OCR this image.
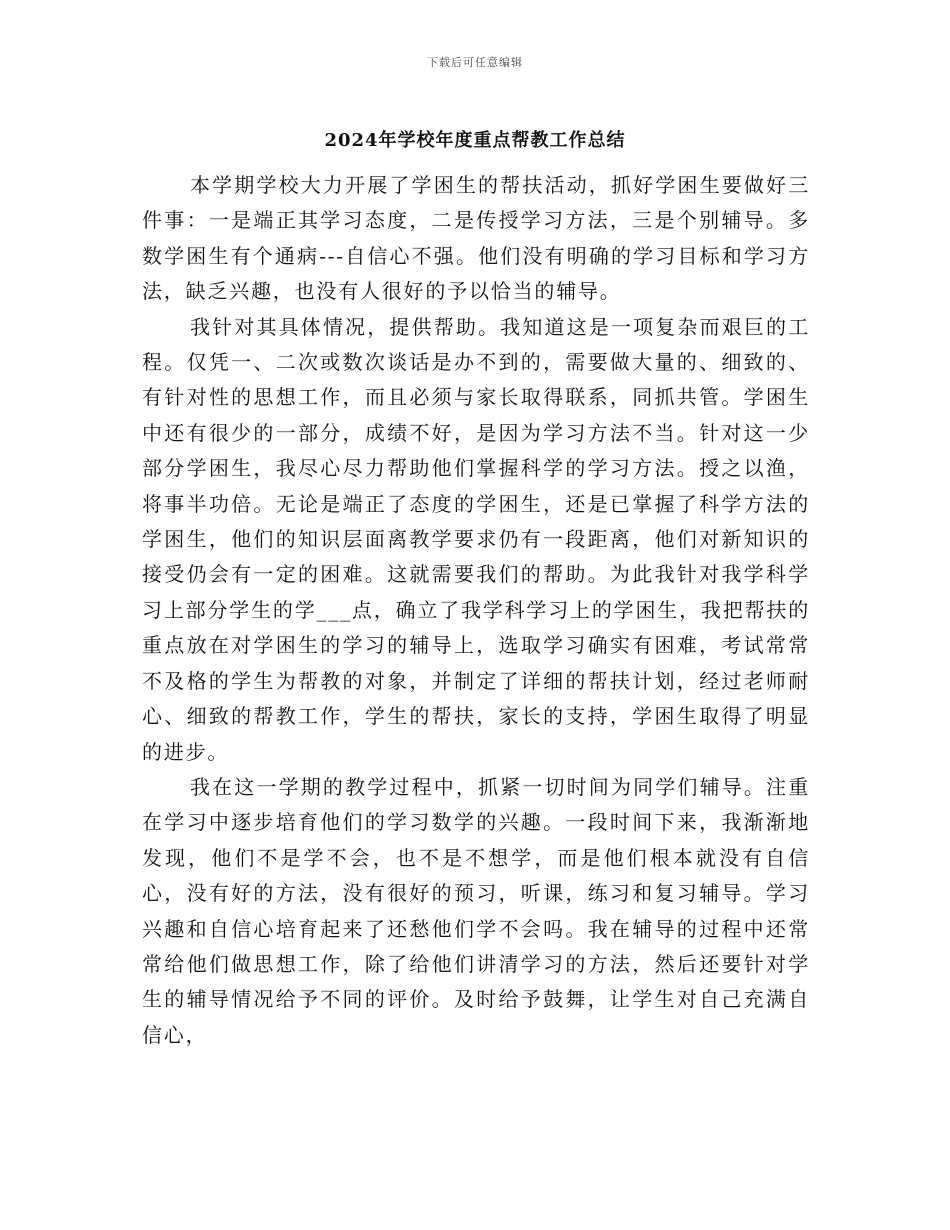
下载后可任意编辑
2024年学校年度重点帮教工作总结

本学期学校大力开展了学困生的帮扶活动，抓好学困生要做好三件事：一是端正其学习态度，二是传授学习方法，三是个别辅导。多数学困生有个通病---自信心不强。他们没有明确的学习目标和学习方法，缺乏兴趣，也没有人很好的予以恰当的辅导。

我针对其具体情况，提供帮助。我知道这是一项复杂而艰巨的工程。仅凭一、二次或数次谈话是办不到的，需要做大量的、细致的、有针对性的思想工作，而且必须与家长取得联系，同抓共管。学困生中还有很少的一部分，成绩不好，是因为学习方法不当。针对这一少部分学困生，我尽心尽力帮助他们掌握科学的学习方法。授之以渔，将事半功倍。无论是端正了态度的学困生，还是已掌握了科学方法的学困生，他们的知识层面离教学要求仍有一段距离，他们对新知识的接受仍会有一定的困难。这就需要我们的帮助。为此我针对我学科学习上部分学生的学___点，确立了我学科学习上的学困生，我把帮扶的重点放在对学困生的学习的辅导上，选取学习确实有困难，考试常常不及格的学生为帮教的对象，并制定了详细的帮扶计划，经过老师耐心、细致的帮教工作，学生的帮扶，家长的支持，学困生取得了明显的进步。

我在这一学期的教学过程中，抓紧一切时间为同学们辅导。注重在学习中逐步培育他们的学习数学的兴趣。一段时间下来，我渐渐地发现，他们不是学不会，也不是不想学，而是他们根本就没有自信心，没有好的方法，没有很好的预习，听课，练习和复习辅导。学习兴趣和自信心培育起来了还愁他们学不会吗。我在辅导的过程中还常常给他们做思想工作，除了给他们讲清学习的方法，然后还要针对学生的辅导情况给予不同的评价。及时给予鼓舞，让学生对自己充满自信心，
